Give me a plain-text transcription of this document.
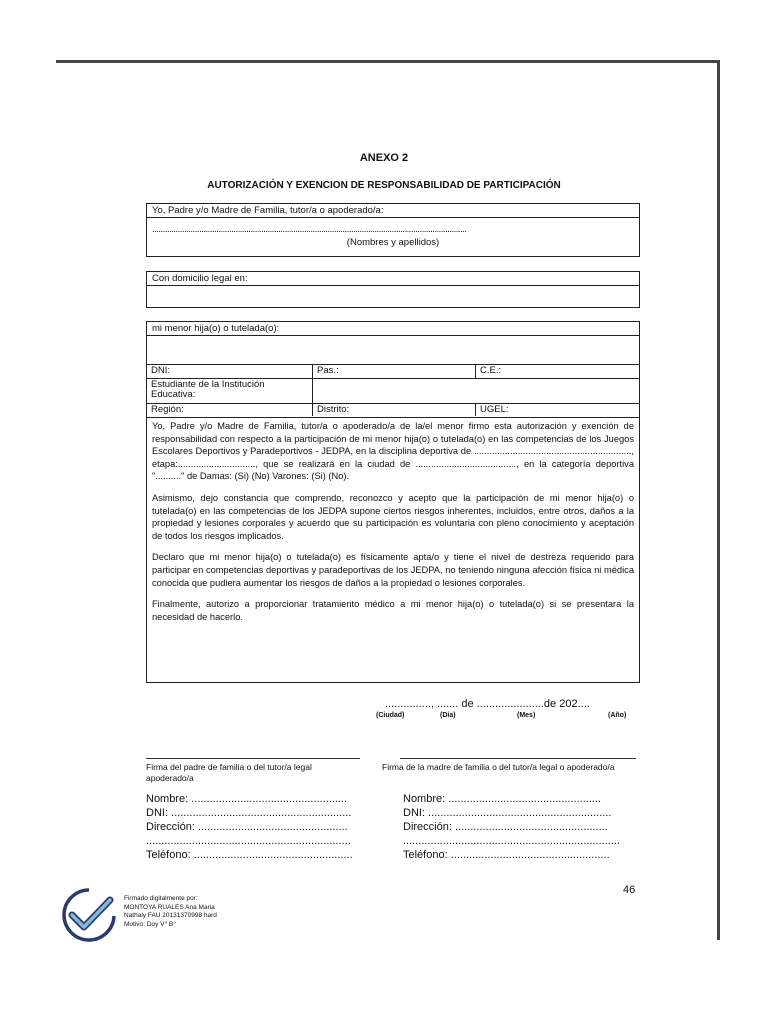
ANEXO 2
AUTORIZACIÓN Y EXENCION DE RESPONSABILIDAD DE PARTICIPACIÓN
Yo, Padre y/o Madre de Familia, tutor/a o apoderado/a:
...................................................................................................................................................
(Nombres y apellidos)
Con domicilio legal en:
mi menor hija(o) o tutelada(o):
DNI:	Pas.:	C.E.:
Estudiante de la Institución Educativa:
Región:	Distrito:	UGEL:

Yo, Padre y/o Madre de Familia, tutor/a o apoderado/a de la/el menor firmo esta autorización y exención de responsabilidad con respecto a la participación de mi menor hija(o) o tutelada(o) en las competencias de los Juegos Escolares Deportivos y Paradeportivos - JEDPA, en la disciplina deportiva de ............................................................., etapa:.............................., que se realizará en la ciudad de ......................................., en la categoría deportiva ".........." de Damas: (Si) (No) Varones: (Si) (No).

Asimismo, dejo constancia que comprendo, reconozco y acepto que la participación de mi menor hija(o) o tutelada(o) en las competencias de los JEDPA supone ciertos riesgos inherentes, incluidos, entre otros, daños a la propiedad y lesiones corporales y acuerdo que su participación es voluntaria con pleno conocimiento y aceptación de todos los riesgos implicados.

Declaro que mi menor hija(o) o tutelada(o) es físicamente apta/o y tiene el nivel de destreza requerido para participar en competencias deportivas y paradeportivas de los JEDPA, no teniendo ninguna afección física ni médica conocida que pudiera aumentar los riesgos de daños a la propiedad o lesiones corporales.

Finalmente, autorizo a proporcionar tratamiento médico a mi menor hija(o) o tutelada(o) si se presentara la necesidad de hacerlo.

..............., ....... de ......................de 202....
(Ciudad)	(Día)	(Mes)	(Año)
Firma del padre de familia o del tutor/a legal apoderado/a
Firma de la madre de familia o del tutor/a legal o apoderado/a
Nombre: ...................................................
DNI: ...........................................................
Dirección: .................................................
...................................................................
Teléfono: ....................................................
Nombre: ..................................................
DNI: ............................................................
Dirección: ..................................................
.......................................................................
Teléfono: ....................................................
46
Firmado digitalmente por:
MONTOYA RUALES Ana Maria
Nathaly FAU 20131370998 hard
Motivo: Doy V° B°
